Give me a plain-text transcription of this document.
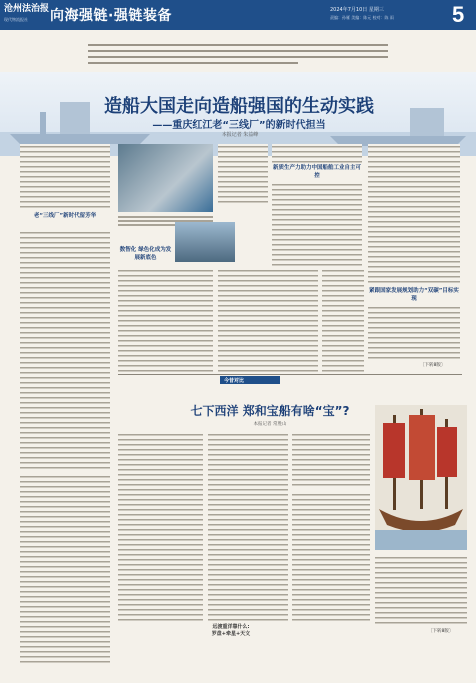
沧州法治报
现代物流报社 向海强链·强链装备	2024年7月10日 星期三
责编：孙雁 美编：陈元 校对：陈 雨	5
造船大国走向造船强国的生动实践
——重庆红江老“三线厂”的新时代担当
本报记者 朱益峰
老“三线厂”新时代留芳华
数智化 绿色化成为发展新底色
新质生产力助力中国船舶工业自主可控
紧跟国家发展规划助力“双碳”目标实现
〔下转8版〕
今昔对比
七下西洋 郑和宝船有啥“宝”?
本报记者 常胜山
〔下转8版〕
远渡重洋靠什么:
罗盘+牵星+天文
